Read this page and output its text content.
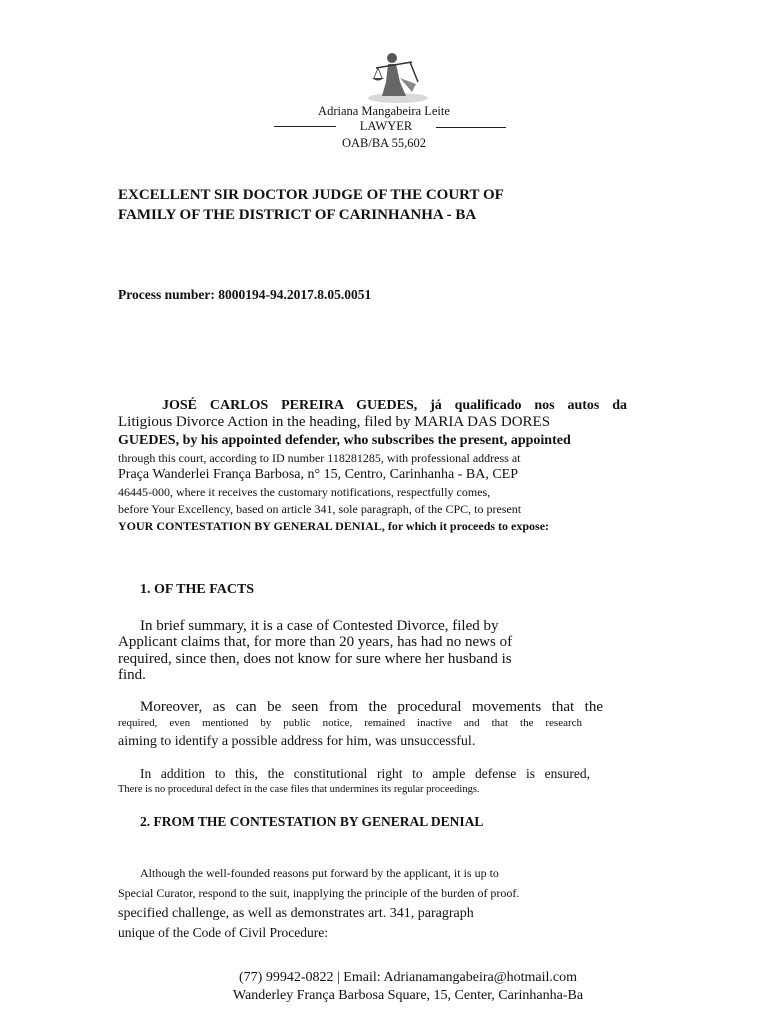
Adriana Mangabeira Leite
LAWYER
OAB/BA 55,602
EXCELLENT SIR DOCTOR JUDGE OF THE COURT OF
FAMILY OF THE DISTRICT OF CARINHANHA - BA
Process number: 8000194-94.2017.8.05.0051
JOSÉ CARLOS PEREIRA GUEDES, já qualificado nos autos da
Litigious Divorce Action in the heading, filed by MARIA DAS DORES
GUEDES, by his appointed defender, who subscribes the present, appointed
through this court, according to ID number 118281285, with professional address at
Praça Wanderlei França Barbosa, n° 15, Centro, Carinhanha - BA, CEP
46445-000, where it receives the customary notifications, respectfully comes,
before Your Excellency, based on article 341, sole paragraph, of the CPC, to present
YOUR CONTESTATION BY GENERAL DENIAL, for which it proceeds to expose:
1. OF THE FACTS
In brief summary, it is a case of Contested Divorce, filed by
Applicant claims that, for more than 20 years, has had no news of
required, since then, does not know for sure where her husband is
find.
Moreover, as can be seen from the procedural movements that the
required, even mentioned by public notice, remained inactive and that the research
aiming to identify a possible address for him, was unsuccessful.
In addition to this, the constitutional right to ample defense is ensured,
There is no procedural defect in the case files that undermines its regular proceedings.
2. FROM THE CONTESTATION BY GENERAL DENIAL
Although the well-founded reasons put forward by the applicant, it is up to
Special Curator, respond to the suit, inapplying the principle of the burden of proof.
specified challenge, as well as demonstrates art. 341, paragraph
unique of the Code of Civil Procedure:
(77) 99942-0822 | Email: Adrianamangabeira@hotmail.com
Wanderley França Barbosa Square, 15, Center, Carinhanha-Ba
